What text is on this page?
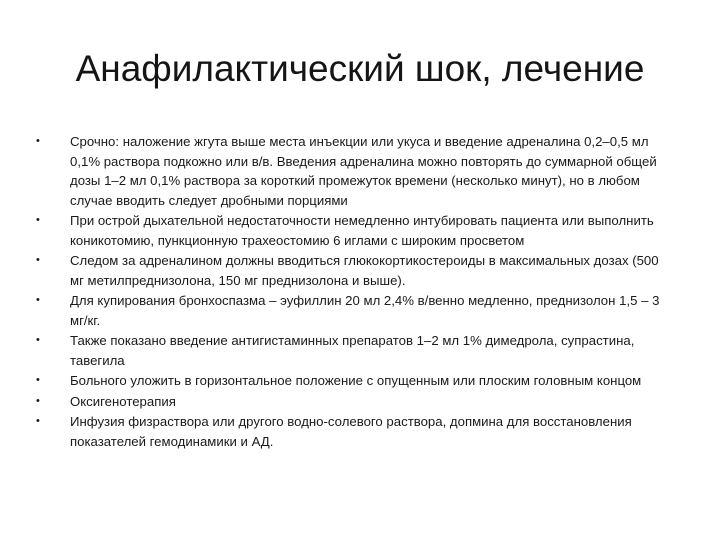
Анафилактический шок, лечение
• Срочно: наложение жгута выше места инъекции или укуса и введение адреналина 0,2–0,5 мл 0,1% раствора подкожно или в/в. Введения адреналина можно повторять до суммарной общей дозы 1–2 мл 0,1% раствора за короткий промежуток времени (несколько минут), но в любом случае вводить следует дробными порциями
• При острой дыхательной недостаточности немедленно интубировать пациента или выполнить коникотомию, пункционную трахеостомию 6 иглами с широким просветом
• Следом за адреналином должны вводиться глюкокортикостероиды в максимальных дозах (500 мг метилпреднизолона, 150 мг преднизолона и выше).
• Для купирования бронхоспазма – эуфиллин 20 мл 2,4% в/венно медленно, преднизолон 1,5 – 3 мг/кг.
• Также показано введение антигистаминных препаратов 1–2 мл 1% димедрола, супрастина, тавегила
• Больного уложить в горизонтальное положение с опущенным или плоским головным концом
• Оксигенотерапия
• Инфузия физраствора или другого водно-солевого раствора, допмина для восстановления показателей гемодинамики и АД.
